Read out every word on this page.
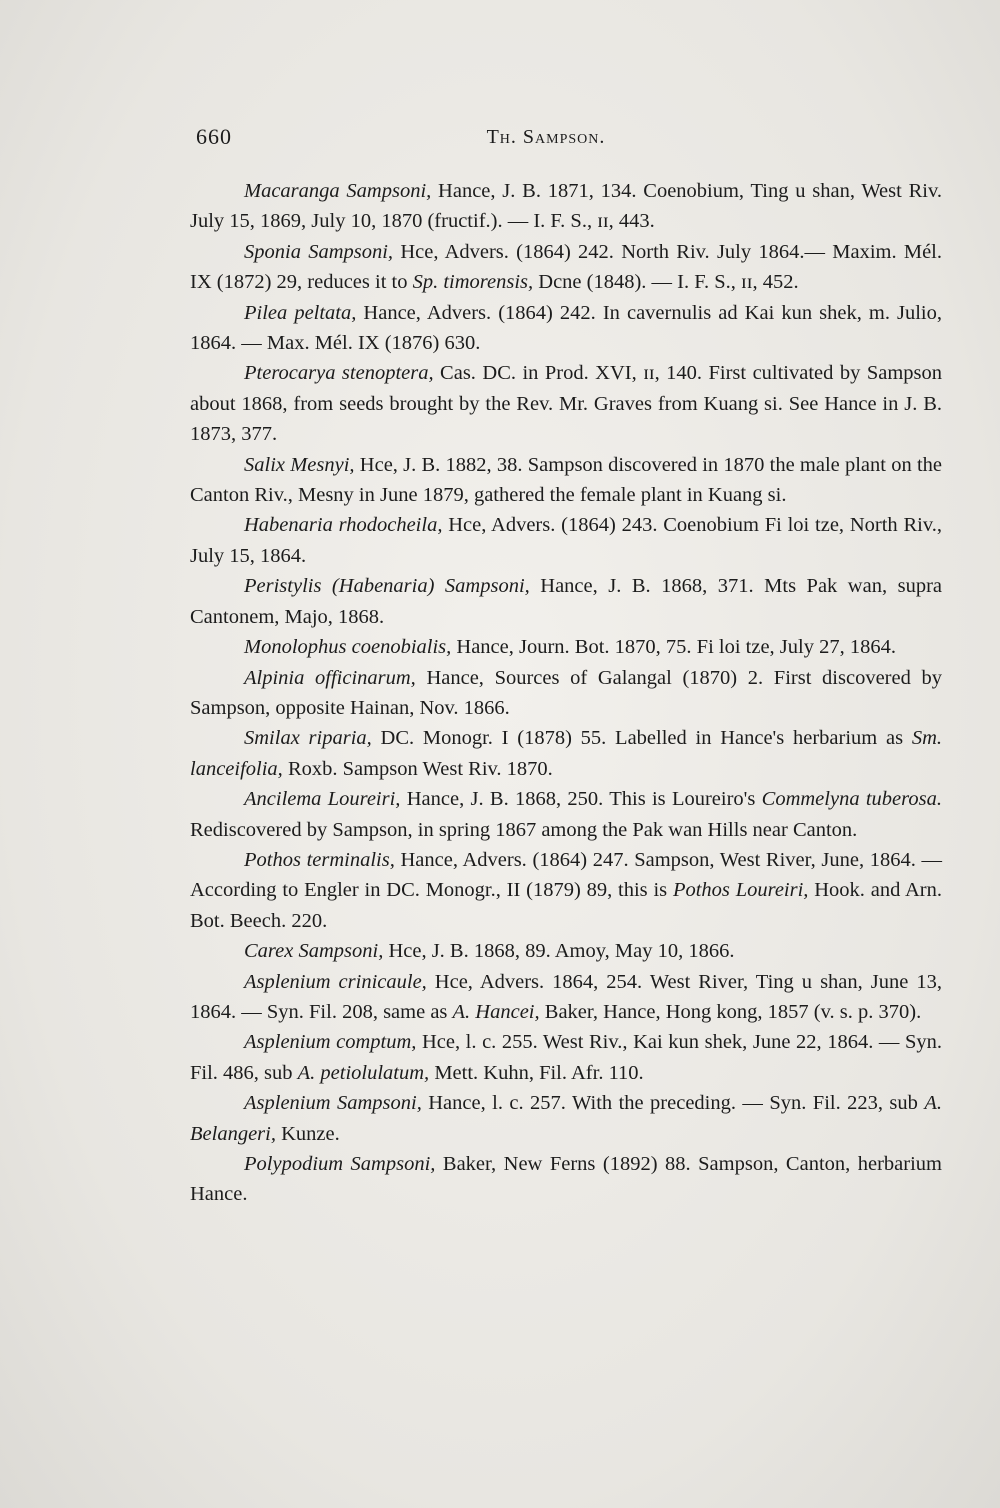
660	Th. Sampson.

Macaranga Sampsoni, Hance, J. B. 1871, 134. Coenobium, Ting u shan, West Riv. July 15, 1869, July 10, 1870 (fructif.). — I. F. S., ɪɪ, 443.

Sponia Sampsoni, Hce, Advers. (1864) 242. North Riv. July 1864.— Maxim. Mél. IX (1872) 29, reduces it to Sp. timorensis, Dcne (1848). — I. F. S., ɪɪ, 452.

Pilea peltata, Hance, Advers. (1864) 242. In cavernulis ad Kai kun shek, m. Julio, 1864. — Max. Mél. IX (1876) 630.

Pterocarya stenoptera, Cas. DC. in Prod. XVI, ɪɪ, 140. First cultivated by Sampson about 1868, from seeds brought by the Rev. Mr. Graves from Kuang si. See Hance in J. B. 1873, 377.

Salix Mesnyi, Hce, J. B. 1882, 38. Sampson discovered in 1870 the male plant on the Canton Riv., Mesny in June 1879, gathered the female plant in Kuang si.

Habenaria rhodocheila, Hce, Advers. (1864) 243. Coenobium Fi loi tze, North Riv., July 15, 1864.

Peristylis (Habenaria) Sampsoni, Hance, J. B. 1868, 371. Mts Pak wan, supra Cantonem, Majo, 1868.

Monolophus coenobialis, Hance, Journ. Bot. 1870, 75. Fi loi tze, July 27, 1864.

Alpinia officinarum, Hance, Sources of Galangal (1870) 2. First discovered by Sampson, opposite Hainan, Nov. 1866.

Smilax riparia, DC. Monogr. I (1878) 55. Labelled in Hance's herbarium as Sm. lanceifolia, Roxb. Sampson West Riv. 1870.

Ancilema Loureiri, Hance, J. B. 1868, 250. This is Loureiro's Commelyna tuberosa. Rediscovered by Sampson, in spring 1867 among the Pak wan Hills near Canton.

Pothos terminalis, Hance, Advers. (1864) 247. Sampson, West River, June, 1864. — According to Engler in DC. Monogr., II (1879) 89, this is Pothos Loureiri, Hook. and Arn. Bot. Beech. 220.

Carex Sampsoni, Hce, J. B. 1868, 89. Amoy, May 10, 1866.

Asplenium crinicaule, Hce, Advers. 1864, 254. West River, Ting u shan, June 13, 1864. — Syn. Fil. 208, same as A. Hancei, Baker, Hance, Hong kong, 1857 (v. s. p. 370).

Asplenium comptum, Hce, l. c. 255. West Riv., Kai kun shek, June 22, 1864. — Syn. Fil. 486, sub A. petiolulatum, Mett. Kuhn, Fil. Afr. 110.

Asplenium Sampsoni, Hance, l. c. 257. With the preceding. — Syn. Fil. 223, sub A. Belangeri, Kunze.

Polypodium Sampsoni, Baker, New Ferns (1892) 88. Sampson, Canton, herbarium Hance.
